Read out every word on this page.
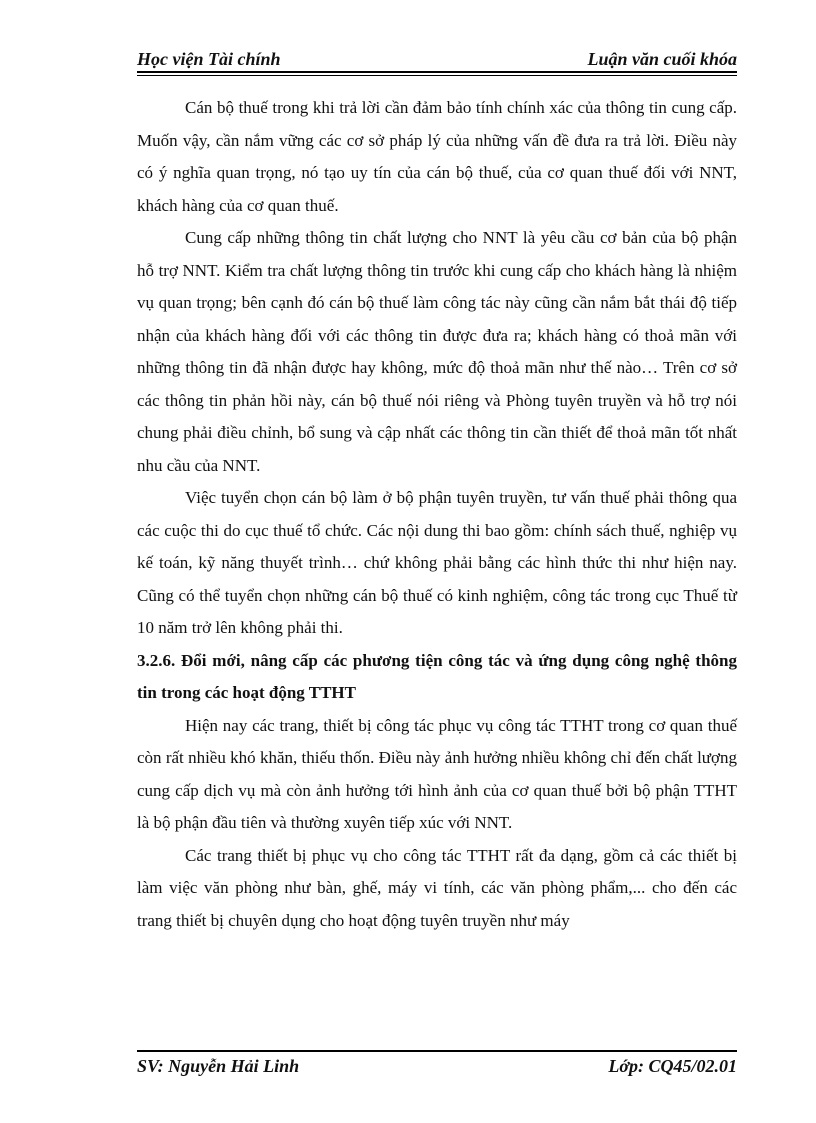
Học viện Tài chính	Luận văn cuối khóa

Cán bộ thuế trong khi trả lời cần đảm bảo tính chính xác của thông tin cung cấp. Muốn vậy, cần nắm vững các cơ sở pháp lý của những vấn đề đưa ra trả lời. Điều này có ý nghĩa quan trọng, nó tạo uy tín của cán bộ thuế, của cơ quan thuế đối với NNT, khách hàng của cơ quan thuế.

Cung cấp những thông tin chất lượng cho NNT là yêu cầu cơ bản của bộ phận hỗ trợ NNT. Kiểm tra chất lượng thông tin trước khi cung cấp cho khách hàng là nhiệm vụ quan trọng; bên cạnh đó cán bộ thuế làm công tác này cũng cần nắm bắt thái độ tiếp nhận của khách hàng đối với các thông tin được đưa ra; khách hàng có thoả mãn với những thông tin đã nhận được hay không, mức độ thoả mãn như thế nào… Trên cơ sở các thông tin phản hồi này, cán bộ thuế nói riêng và Phòng tuyên truyền và hỗ trợ nói chung phải điều chỉnh, bổ sung và cập nhất các thông tin cần thiết để thoả mãn tốt nhất nhu cầu của NNT.

Việc tuyển chọn cán bộ làm ở bộ phận tuyên truyền, tư vấn thuế phải thông qua các cuộc thi do cục thuế tổ chức. Các nội dung thi bao gồm: chính sách thuế, nghiệp vụ kế toán, kỹ năng thuyết trình… chứ không phải bằng các hình thức thi như hiện nay. Cũng có thể tuyển chọn những cán bộ thuế có kinh nghiệm, công tác trong cục Thuế từ 10 năm trở lên không phải thi.

3.2.6. Đổi mới, nâng cấp các phương tiện công tác và ứng dụng công nghệ thông tin trong các hoạt động TTHT

Hiện nay các trang, thiết bị công tác phục vụ công tác TTHT trong cơ quan thuế còn rất nhiều khó khăn, thiếu thốn. Điều này ảnh hưởng nhiều không chỉ đến chất lượng cung cấp dịch vụ mà còn ảnh hưởng tới hình ảnh của cơ quan thuế bởi bộ phận TTHT là bộ phận đầu tiên và thường xuyên tiếp xúc với NNT.

Các trang thiết bị phục vụ cho công tác TTHT rất đa dạng, gồm cả các thiết bị làm việc văn phòng như bàn, ghế, máy vi tính, các văn phòng phẩm,... cho đến các trang thiết bị chuyên dụng cho hoạt động tuyên truyền như máy

SV: Nguyễn Hải Linh	Lớp: CQ45/02.01
